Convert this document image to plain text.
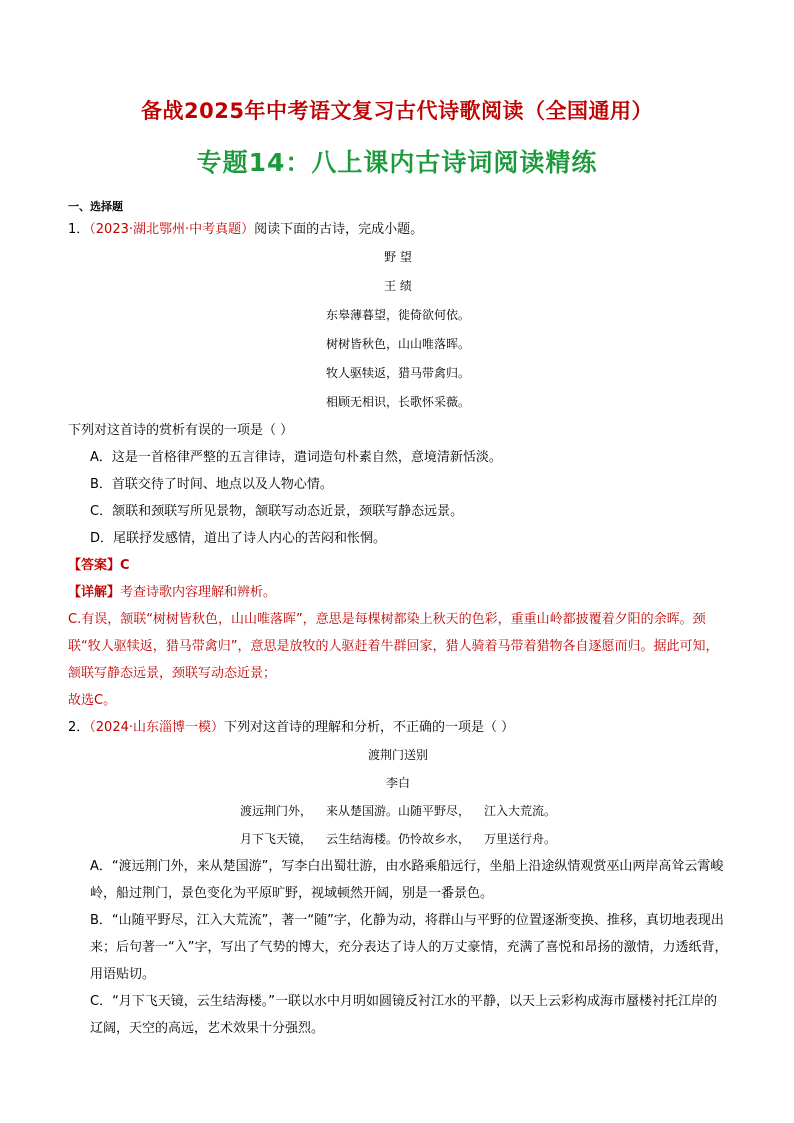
备战2025年中考语文复习古代诗歌阅读（全国通用）
专题14：八上课内古诗词阅读精练
一、选择题
1．（2023·湖北鄂州·中考真题）阅读下面的古诗，完成小题。
野 望
王 绩
东皋薄暮望，徙倚欲何依。
树树皆秋色，山山唯落晖。
牧人驱犊返，猎马带禽归。
相顾无相识，长歌怀采薇。
下列对这首诗的赏析有误的一项是（ ）
A．这是一首格律严整的五言律诗，遣词造句朴素自然，意境清新恬淡。
B．首联交待了时间、地点以及人物心情。
C．颔联和颈联写所见景物，颔联写动态近景，颈联写静态远景。
D．尾联抒发感情，道出了诗人内心的苦闷和怅惘。
【答案】C
【详解】考查诗歌内容理解和辨析。
C.有误，颔联“树树皆秋色，山山唯落晖”，意思是每棵树都染上秋天的色彩，重重山岭都披覆着夕阳的余晖。颈联“牧人驱犊返，猎马带禽归”，意思是放牧的人驱赶着牛群回家，猎人骑着马带着猎物各自逐愿而归。据此可知，颔联写静态远景，颈联写动态近景；
故选C。
2．（2024·山东淄博一模）下列对这首诗的理解和分析，不正确的一项是（ ）
渡荆门送别
李白
渡远荆门外， 来从楚国游。山随平野尽， 江入大荒流。
月下飞天镜， 云生结海楼。仍怜故乡水， 万里送行舟。
A．“渡远荆门外，来从楚国游”，写李白出蜀壮游，由水路乘船远行，坐船上沿途纵情观赏巫山两岸高耸云霄峻岭，船过荆门，景色变化为平原旷野，视域顿然开阔，别是一番景色。
B．“山随平野尽，江入大荒流”，著一“随”字，化静为动，将群山与平野的位置逐渐变换、推移，真切地表现出来；后句著一“入”字，写出了气势的博大，充分表达了诗人的万丈豪情，充满了喜悦和昂扬的激情，力透纸背，用语贴切。
C．“月下飞天镜，云生结海楼。”一联以水中月明如圆镜反衬江水的平静，以天上云彩构成海市蜃楼衬托江岸的辽阔，天空的高远，艺术效果十分强烈。
